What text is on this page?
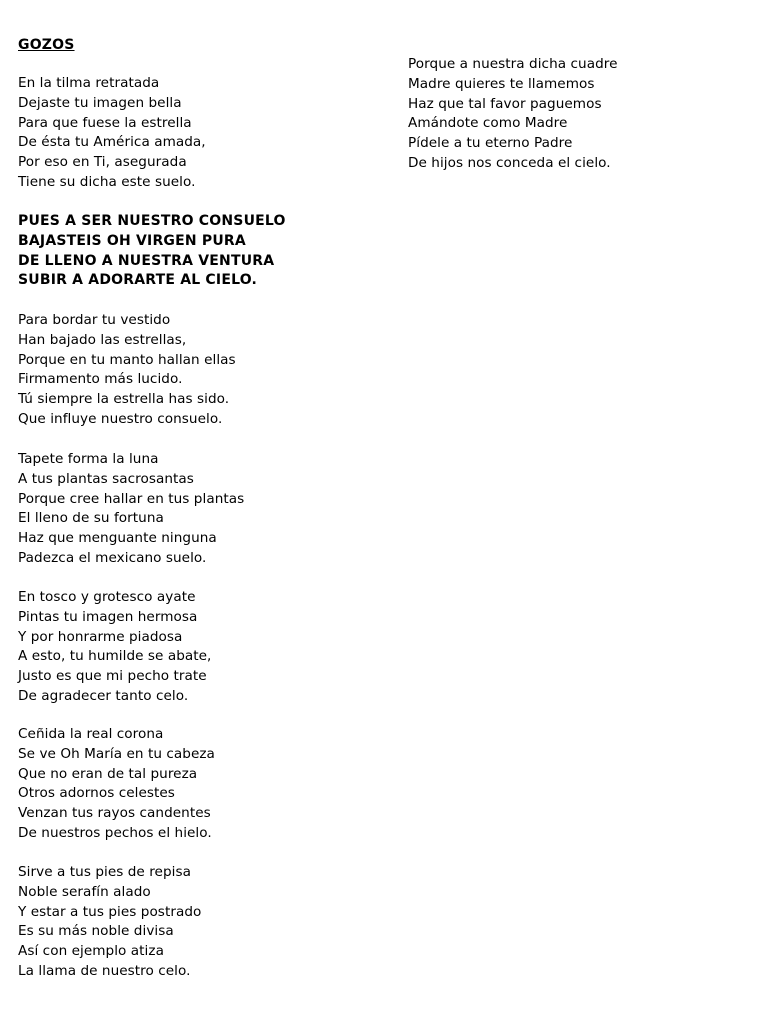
GOZOS
En la tilma retratada
Dejaste tu imagen bella
Para que fuese la estrella
De ésta tu América amada,
Por eso en Ti, asegurada
Tiene su dicha este suelo.
PUES A SER NUESTRO CONSUELO
BAJASTEIS OH VIRGEN PURA
DE LLENO A NUESTRA VENTURA
SUBIR A ADORARTE AL CIELO.
Para bordar tu vestido
Han bajado las estrellas,
Porque en tu manto hallan ellas
Firmamento más lucido.
Tú siempre la estrella has sido.
Que influye nuestro consuelo.
Tapete forma la luna
A tus plantas sacrosantas
Porque cree hallar en tus plantas
El lleno de su fortuna
Haz que menguante ninguna
Padezca el mexicano suelo.
En tosco y grotesco ayate
Pintas tu imagen hermosa
Y por honrarme piadosa
A esto, tu humilde se abate,
Justo es que mi pecho trate
De agradecer tanto celo.
Ceñida la real corona
Se ve Oh María en tu cabeza
Que no eran de tal pureza
Otros adornos celestes
Venzan tus rayos candentes
De nuestros pechos el hielo.
Sirve a tus pies de repisa
Noble serafín alado
Y estar a tus pies postrado
Es su más noble divisa
Así con ejemplo atiza
La llama de nuestro celo.
Porque a nuestra dicha cuadre
Madre quieres te llamemos
Haz que tal favor paguemos
Amándote como Madre
Pídele a tu eterno Padre
De hijos nos conceda el cielo.
